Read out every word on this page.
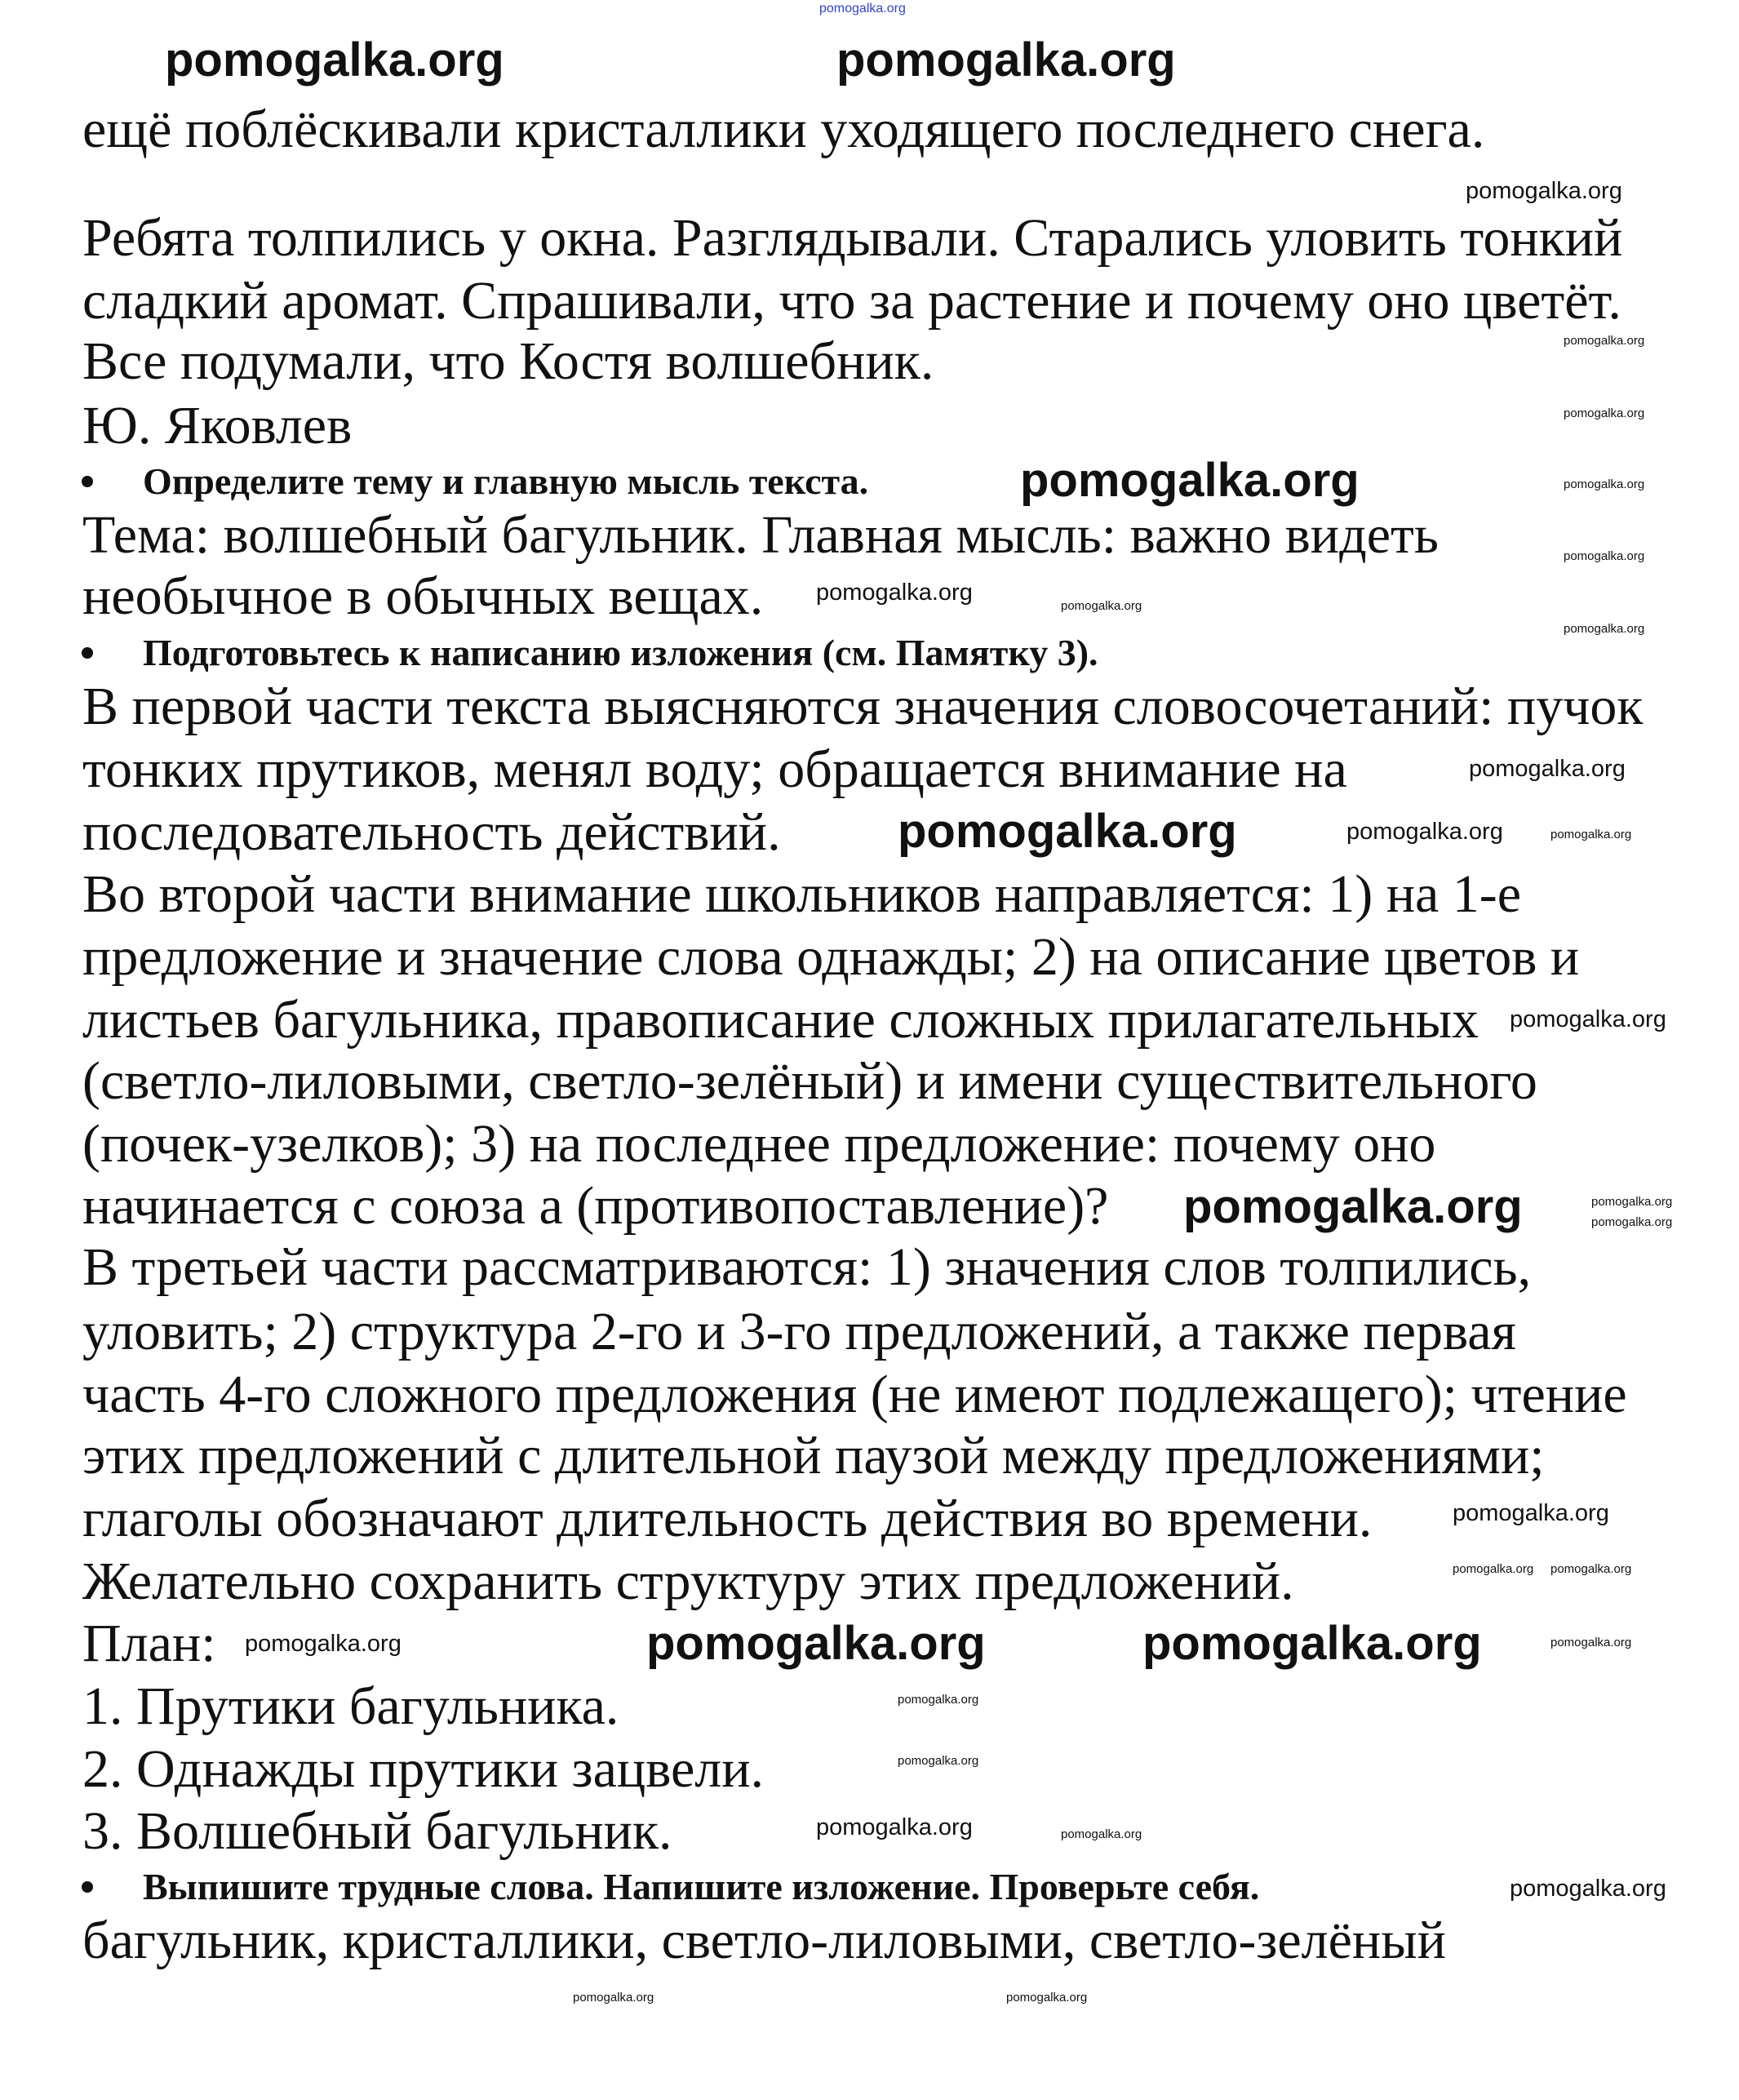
pomogalka.org
ещё поблёскивали кристаллики уходящего последнего снега.
Ребята толпились у окна. Разглядывали. Старались уловить тонкий
сладкий аромат. Спрашивали, что за растение и почему оно цветёт.
Все подумали, что Костя волшебник.
Ю. Яковлев
Определите тему и главную мысль текста.
Тема: волшебный багульник. Главная мысль: важно видеть
необычное в обычных вещах.
Подготовьтесь к написанию изложения (см. Памятку 3).
В первой части текста выясняются значения словосочетаний: пучок
тонких прутиков, менял воду; обращается внимание на
последовательность действий.
Во второй части внимание школьников направляется: 1) на 1-е
предложение и значение слова однажды; 2) на описание цветов и
листьев багульника, правописание сложных прилагательных
(светло-лиловыми, светло-зелёный) и имени существительного
(почек-узелков); 3) на последнее предложение: почему оно
начинается с союза а (противопоставление)?
В третьей части рассматриваются: 1) значения слов толпились,
уловить; 2) структура 2-го и 3-го предложений, а также первая
часть 4-го сложного предложения (не имеют подлежащего); чтение
этих предложений с длительной паузой между предложениями;
глаголы обозначают длительность действия во времени.
Желательно сохранить структуру этих предложений.
План:
1. Прутики багульника.
2. Однажды прутики зацвели.
3. Волшебный багульник.
Выпишите трудные слова. Напишите изложение. Проверьте себя.
багульник, кристаллики, светло-лиловыми, светло-зелёный
pomogalka.org	pomogalka.org
pomogalka.org
pomogalka.org
pomogalka.org
pomogalka.org	pomogalka.org
pomogalka.org
pomogalka.org
pomogalka.org
pomogalka.org
pomogalka.org
pomogalka.org
pomogalka.org
pomogalka.org
pomogalka.org
pomogalka.org
pomogalka.org
pomogalka.org
pomogalka.org
pomogalka.org
pomogalka.org
pomogalka.org
pomogalka.org
pomogalka.org
pomogalka.org pomogalka.org
pomogalka.org
pomogalka.org
pomogalka.org
pomogalka.org
pomogalka.org	pomogalka.org
